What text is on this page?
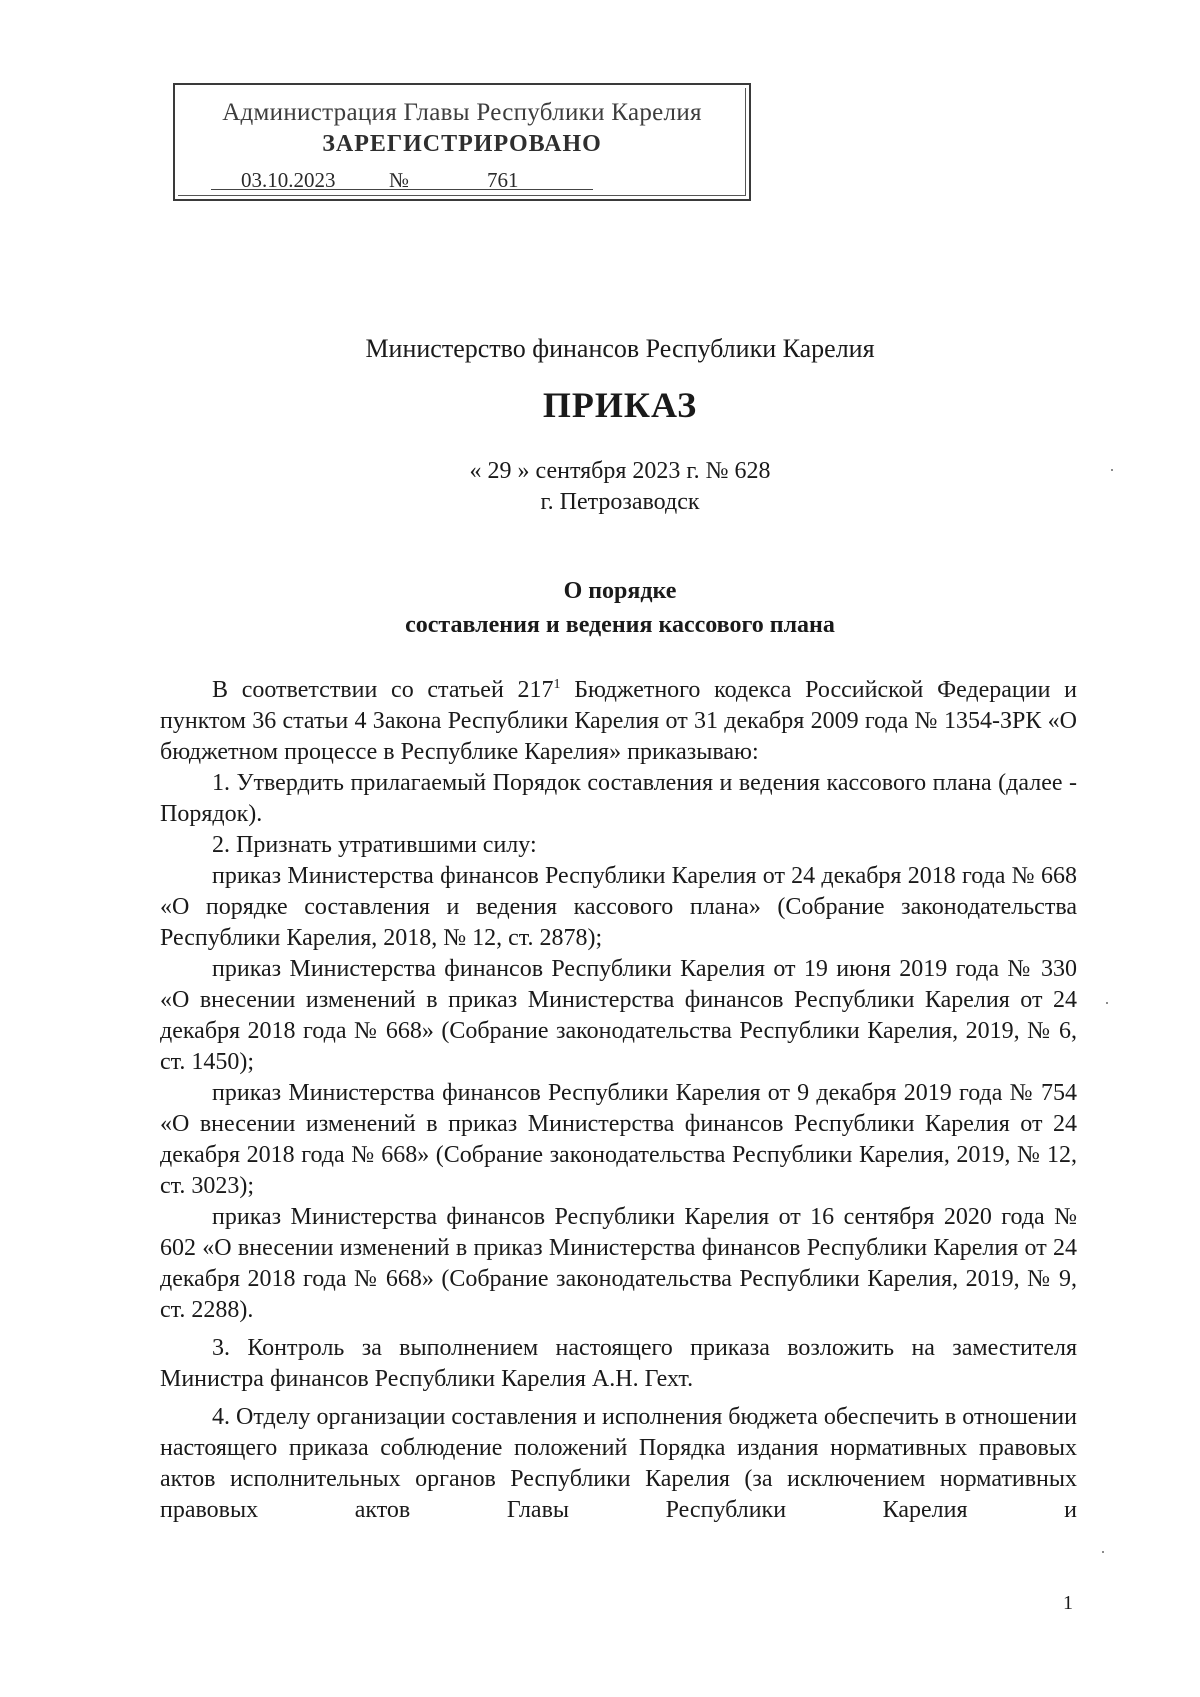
Администрация Главы Республики Карелия
ЗАРЕГИСТРИРОВАНО
03.10.2023	№	761
Министерство финансов Республики Карелия
ПРИКАЗ
« 29 » сентября 2023 г. № 628
г. Петрозаводск
О порядке
составления и ведения кассового плана

В соответствии со статьей $217^1$ Бюджетного кодекса Российской Федерации и пунктом 36 статьи 4 Закона Республики Карелия от 31 декабря 2009 года № 1354-ЗРК «О бюджетном процессе в Республике Карелия» приказываю:

1. Утвердить прилагаемый Порядок составления и ведения кассового плана (далее - Порядок).

2. Признать утратившими силу:

приказ Министерства финансов Республики Карелия от 24 декабря 2018 года № 668 «О порядке составления и ведения кассового плана» (Собрание законодательства Республики Карелия, 2018, № 12, ст. 2878);

приказ Министерства финансов Республики Карелия от 19 июня 2019 года № 330 «О внесении изменений в приказ Министерства финансов Республики Карелия от 24 декабря 2018 года № 668» (Собрание законодательства Республики Карелия, 2019, № 6, ст. 1450);

приказ Министерства финансов Республики Карелия от 9 декабря 2019 года № 754 «О внесении изменений в приказ Министерства финансов Республики Карелия от 24 декабря 2018 года № 668» (Собрание законодательства Республики Карелия, 2019, № 12, ст. 3023);

приказ Министерства финансов Республики Карелия от 16 сентября 2020 года № 602 «О внесении изменений в приказ Министерства финансов Республики Карелия от 24 декабря 2018 года № 668» (Собрание законодательства Республики Карелия, 2019, № 9, ст. 2288).

3. Контроль за выполнением настоящего приказа возложить на заместителя Министра финансов Республики Карелия А.Н. Гехт.

4. Отделу организации составления и исполнения бюджета обеспечить в отношении настоящего приказа соблюдение положений Порядка издания нормативных правовых актов исполнительных органов Республики Карелия (за исключением нормативных правовых актов Главы Республики Карелия и

1
